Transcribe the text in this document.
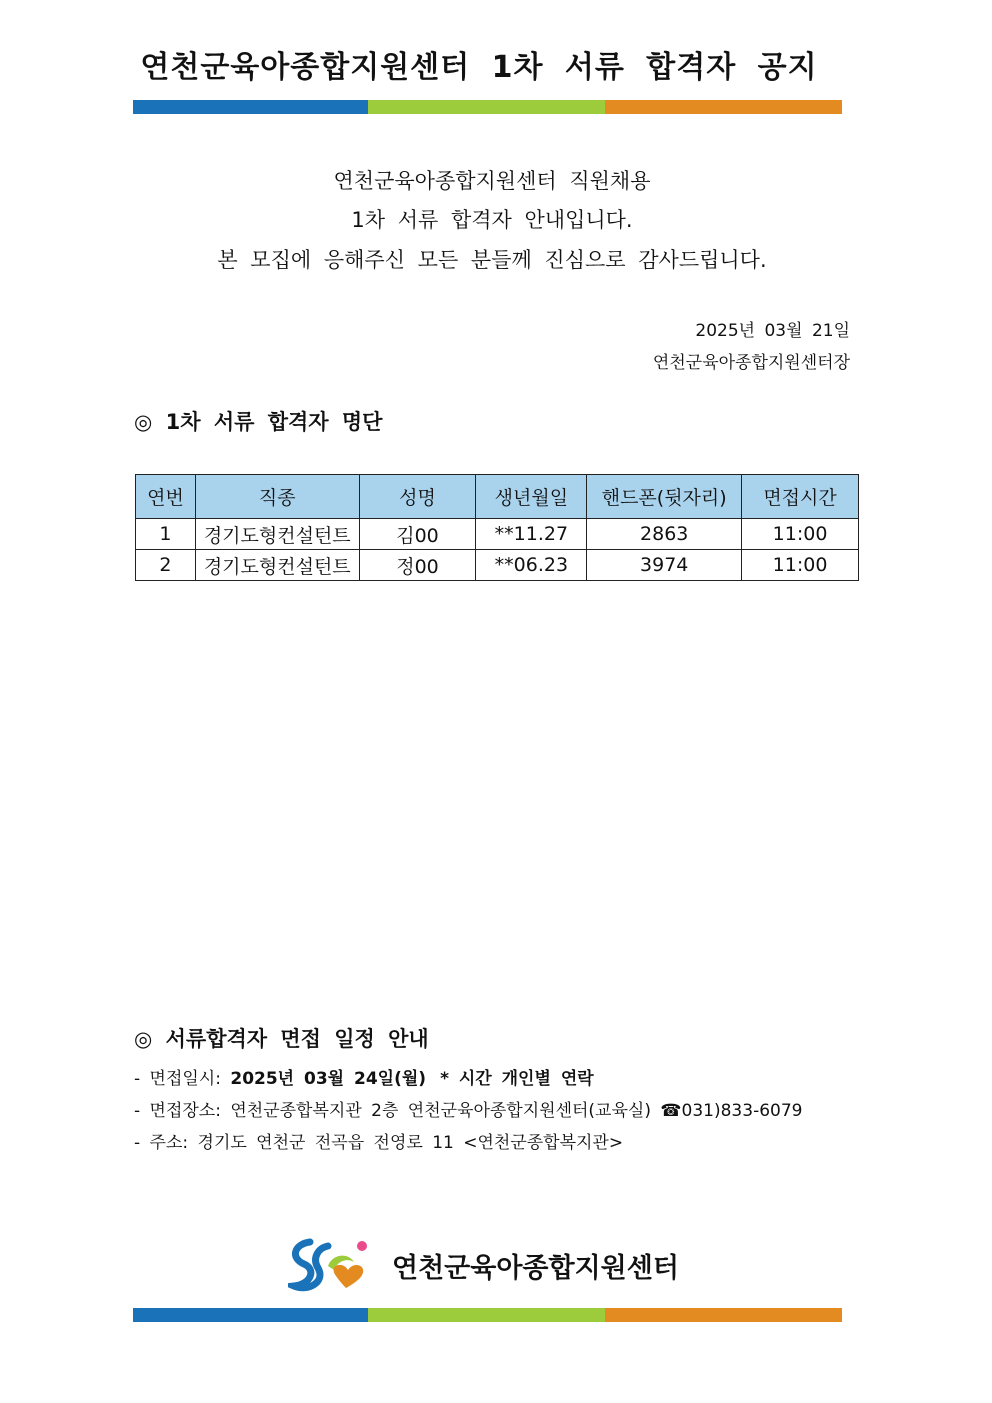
연천군육아종합지원센터 1차 서류 합격자 공지
연천군육아종합지원센터 직원채용
1차 서류 합격자 안내입니다.
본 모집에 응해주신 모든 분들께 진심으로 감사드립니다.
2025년 03월 21일
연천군육아종합지원센터장
◎ 1차 서류 합격자 명단
연번	직종	성명	생년월일	핸드폰(뒷자리)	면접시간
1	경기도형컨설턴트	김00	**11.27	2863	11:00
2	경기도형컨설턴트	정00	**06.23	3974	11:00
◎ 서류합격자 면접 일정 안내
- 면접일시: 2025년 03월 24일(월) * 시간 개인별 연락
- 면접장소: 연천군종합복지관 2층 연천군육아종합지원센터(교육실) ☎031)833-6079
- 주소: 경기도 연천군 전곡읍 전영로 11 <연천군종합복지관>
연천군육아종합지원센터
